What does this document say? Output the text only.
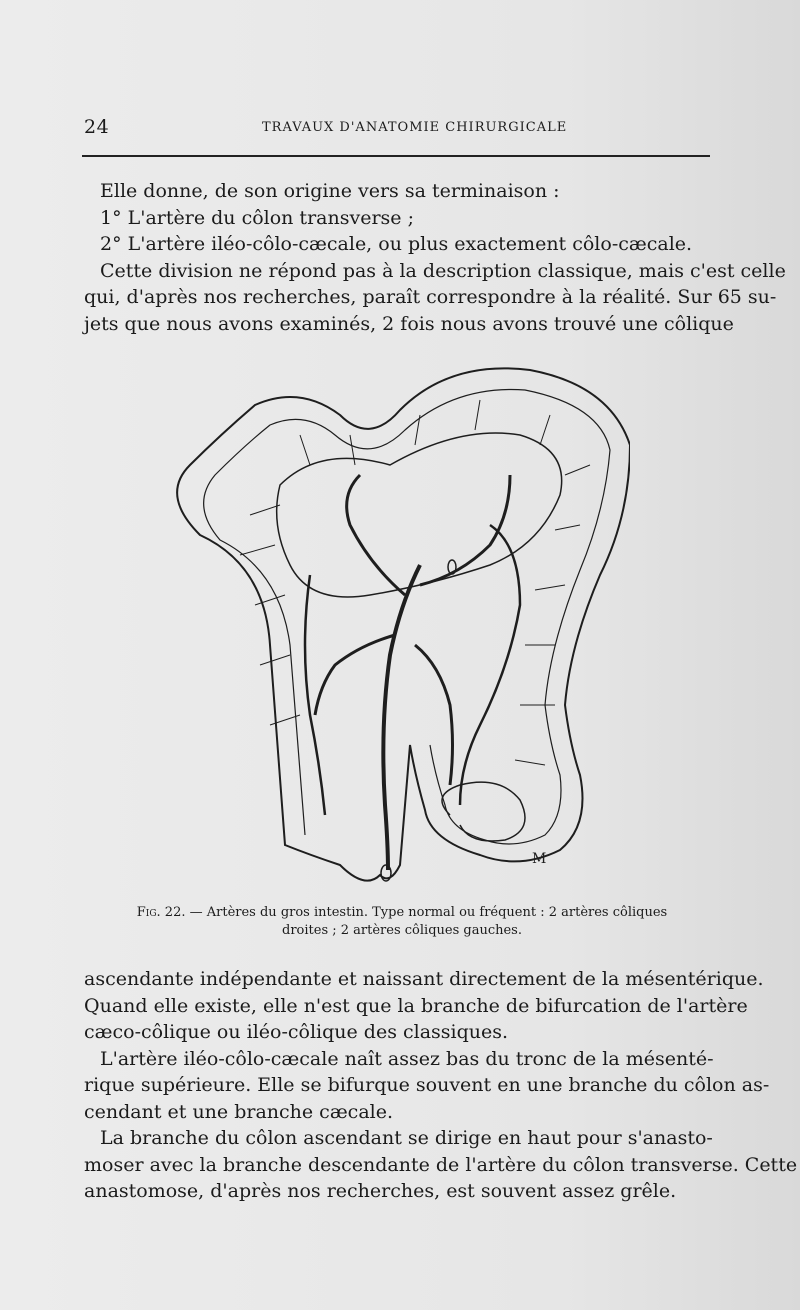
24	TRAVAUX D'ANATOMIE CHIRURGICALE
Elle donne, de son origine vers sa terminaison :
1° L'artère du côlon transverse ;
2° L'artère iléo-côlo-cæcale, ou plus exactement côlo-cæcale.
Cette division ne répond pas à la description classique, mais c'est celle
qui, d'après nos recherches, paraît correspondre à la réalité. Sur 65 su-
jets que nous avons examinés, 2 fois nous avons trouvé une côlique
M
Fig. 22. — Artères du gros intestin. Type normal ou fréquent : 2 artères côliques
droites ; 2 artères côliques gauches.
ascendante indépendante et naissant directement de la mésentérique.
Quand elle existe, elle n'est que la branche de bifurcation de l'artère
cæco-côlique ou iléo-côlique des classiques.
L'artère iléo-côlo-cæcale naît assez bas du tronc de la mésenté-
rique supérieure. Elle se bifurque souvent en une branche du côlon as-
cendant et une branche cæcale.
La branche du côlon ascendant se dirige en haut pour s'anasto-
moser avec la branche descendante de l'artère du côlon transverse. Cette
anastomose, d'après nos recherches, est souvent assez grêle.
